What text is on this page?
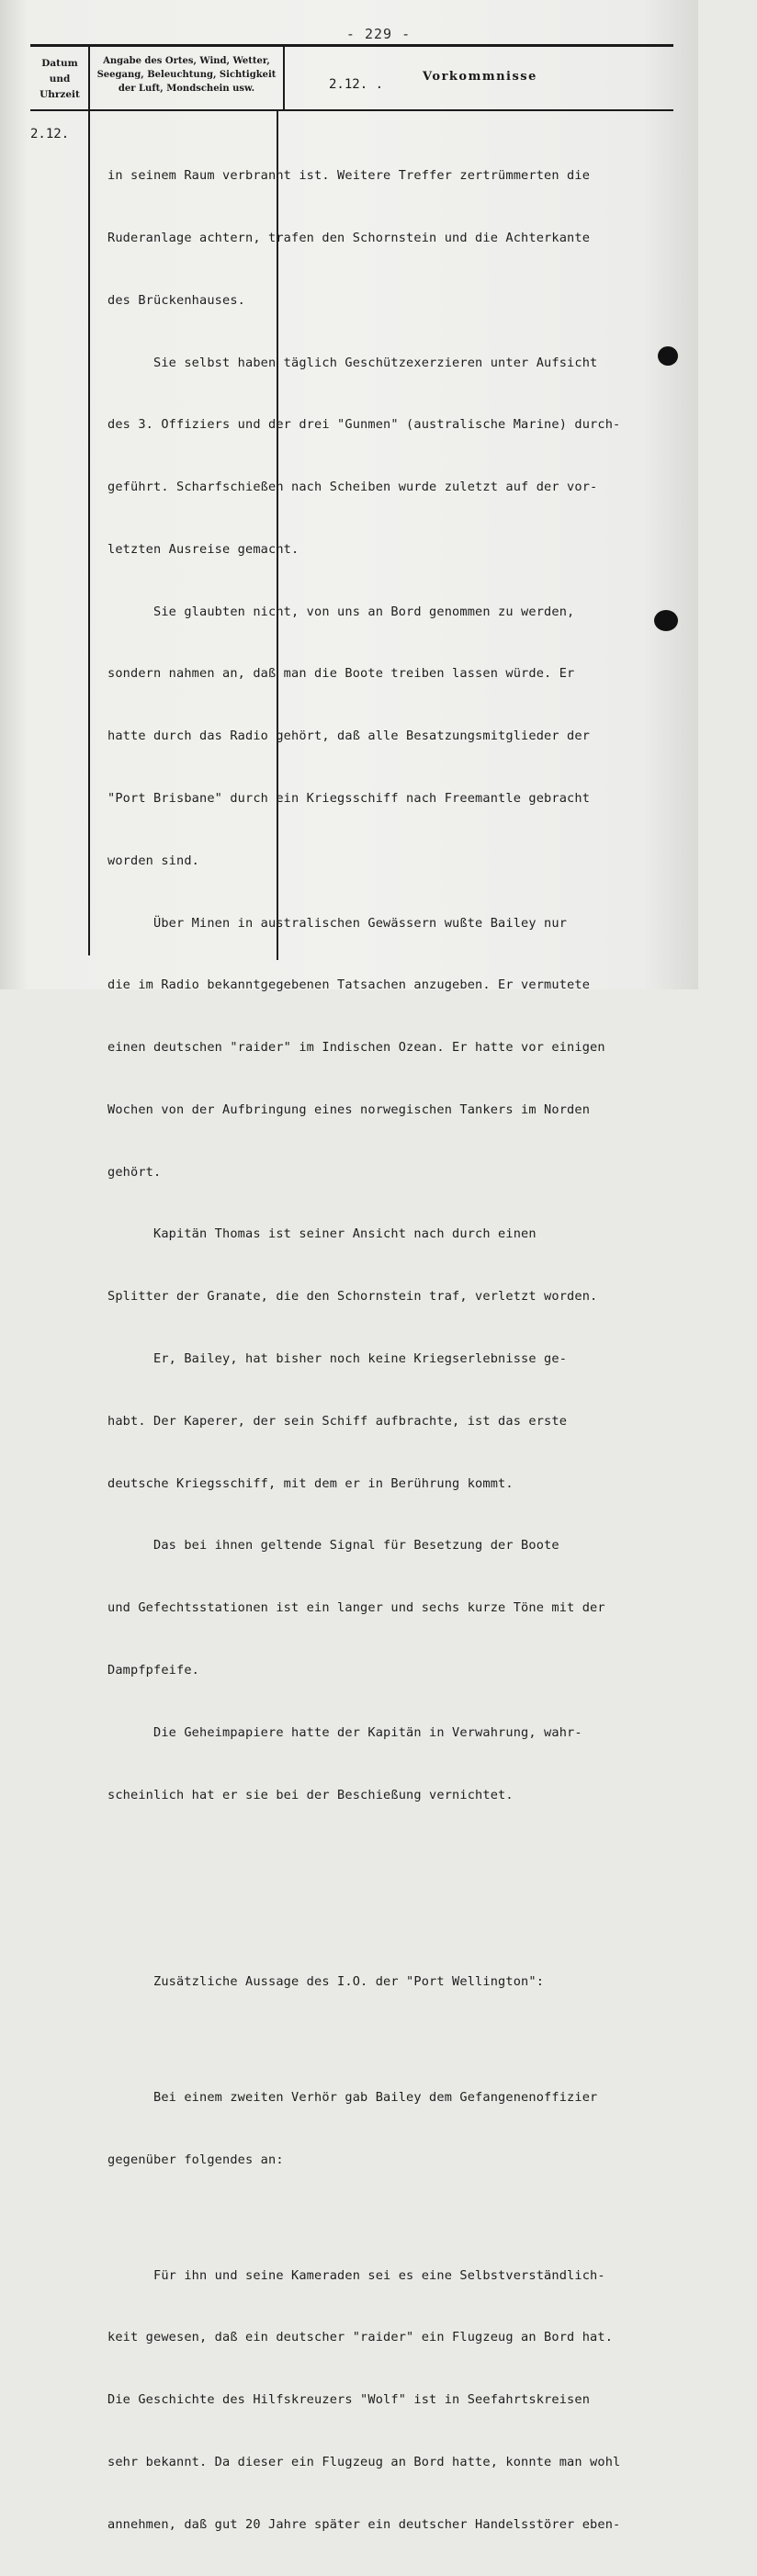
- 229 -
Datum und Uhrzeit
Angabe des Ortes, Wind, Wetter, Seegang, Beleuchtung, Sichtigkeit der Luft, Mondschein usw.	2.12. .
Vorkommnisse
2.12.

in seinem Raum verbrannt ist. Weitere Treffer zertrümmerten die

Ruderanlage achtern, trafen den Schornstein und die Achterkante

des Brückenhauses.

Sie selbst haben täglich Geschützexerzieren unter Aufsicht

des 3. Offiziers und der drei "Gunmen" (australische Marine) durch-

geführt. Scharfschießen nach Scheiben wurde zuletzt auf der vor-

letzten Ausreise gemacht.

Sie glaubten nicht, von uns an Bord genommen zu werden,

sondern nahmen an, daß man die Boote treiben lassen würde. Er

hatte durch das Radio gehört, daß alle Besatzungsmitglieder der

"Port Brisbane" durch ein Kriegsschiff nach Freemantle gebracht

worden sind.

Über Minen in australischen Gewässern wußte Bailey nur

die im Radio bekanntgegebenen Tatsachen anzugeben. Er vermutete

einen deutschen "raider" im Indischen Ozean. Er hatte vor einigen

Wochen von der Aufbringung eines norwegischen Tankers im Norden

gehört.

Kapitän Thomas ist seiner Ansicht nach durch einen

Splitter der Granate, die den Schornstein traf, verletzt worden.

Er, Bailey, hat bisher noch keine Kriegserlebnisse ge-

habt. Der Kaperer, der sein Schiff aufbrachte, ist das erste

deutsche Kriegsschiff, mit dem er in Berührung kommt.

Das bei ihnen geltende Signal für Besetzung der Boote

und Gefechtsstationen ist ein langer und sechs kurze Töne mit der

Dampfpfeife.

Die Geheimpapiere hatte der Kapitän in Verwahrung, wahr-

scheinlich hat er sie bei der Beschießung vernichtet.

Zusätzliche Aussage des I.O. der "Port Wellington":

Bei einem zweiten Verhör gab Bailey dem Gefangenenoffizier

gegenüber folgendes an:

Für ihn und seine Kameraden sei es eine Selbstverständlich-

keit gewesen, daß ein deutscher "raider" ein Flugzeug an Bord hat.

Die Geschichte des Hilfskreuzers "Wolf" ist in Seefahrtskreisen

sehr bekannt. Da dieser ein Flugzeug an Bord hatte, konnte man wohl

annehmen, daß gut 20 Jahre später ein deutscher Handelsstörer eben-
